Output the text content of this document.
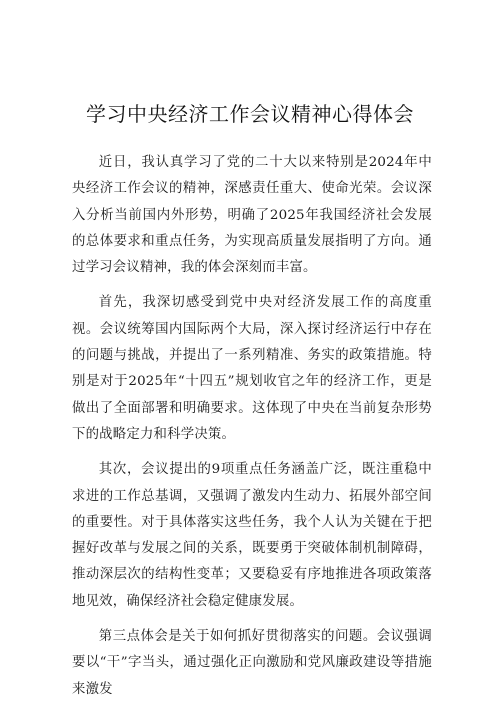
学习中央经济工作会议精神心得体会

近日，我认真学习了党的二十大以来特别是2024年中央经济工作会议的精神，深感责任重大、使命光荣。会议深入分析当前国内外形势，明确了2025年我国经济社会发展的总体要求和重点任务，为实现高质量发展指明了方向。通过学习会议精神，我的体会深刻而丰富。

首先，我深切感受到党中央对经济发展工作的高度重视。会议统筹国内国际两个大局，深入探讨经济运行中存在的问题与挑战，并提出了一系列精准、务实的政策措施。特别是对于2025年“十四五”规划收官之年的经济工作，更是做出了全面部署和明确要求。这体现了中央在当前复杂形势下的战略定力和科学决策。

其次，会议提出的9项重点任务涵盖广泛，既注重稳中求进的工作总基调，又强调了激发内生动力、拓展外部空间的重要性。对于具体落实这些任务，我个人认为关键在于把握好改革与发展之间的关系，既要勇于突破体制机制障碍，推动深层次的结构性变革；又要稳妥有序地推进各项政策落地见效，确保经济社会稳定健康发展。

第三点体会是关于如何抓好贯彻落实的问题。会议强调要以“干”字当头，通过强化正向激励和党风廉政建设等措施来激发
